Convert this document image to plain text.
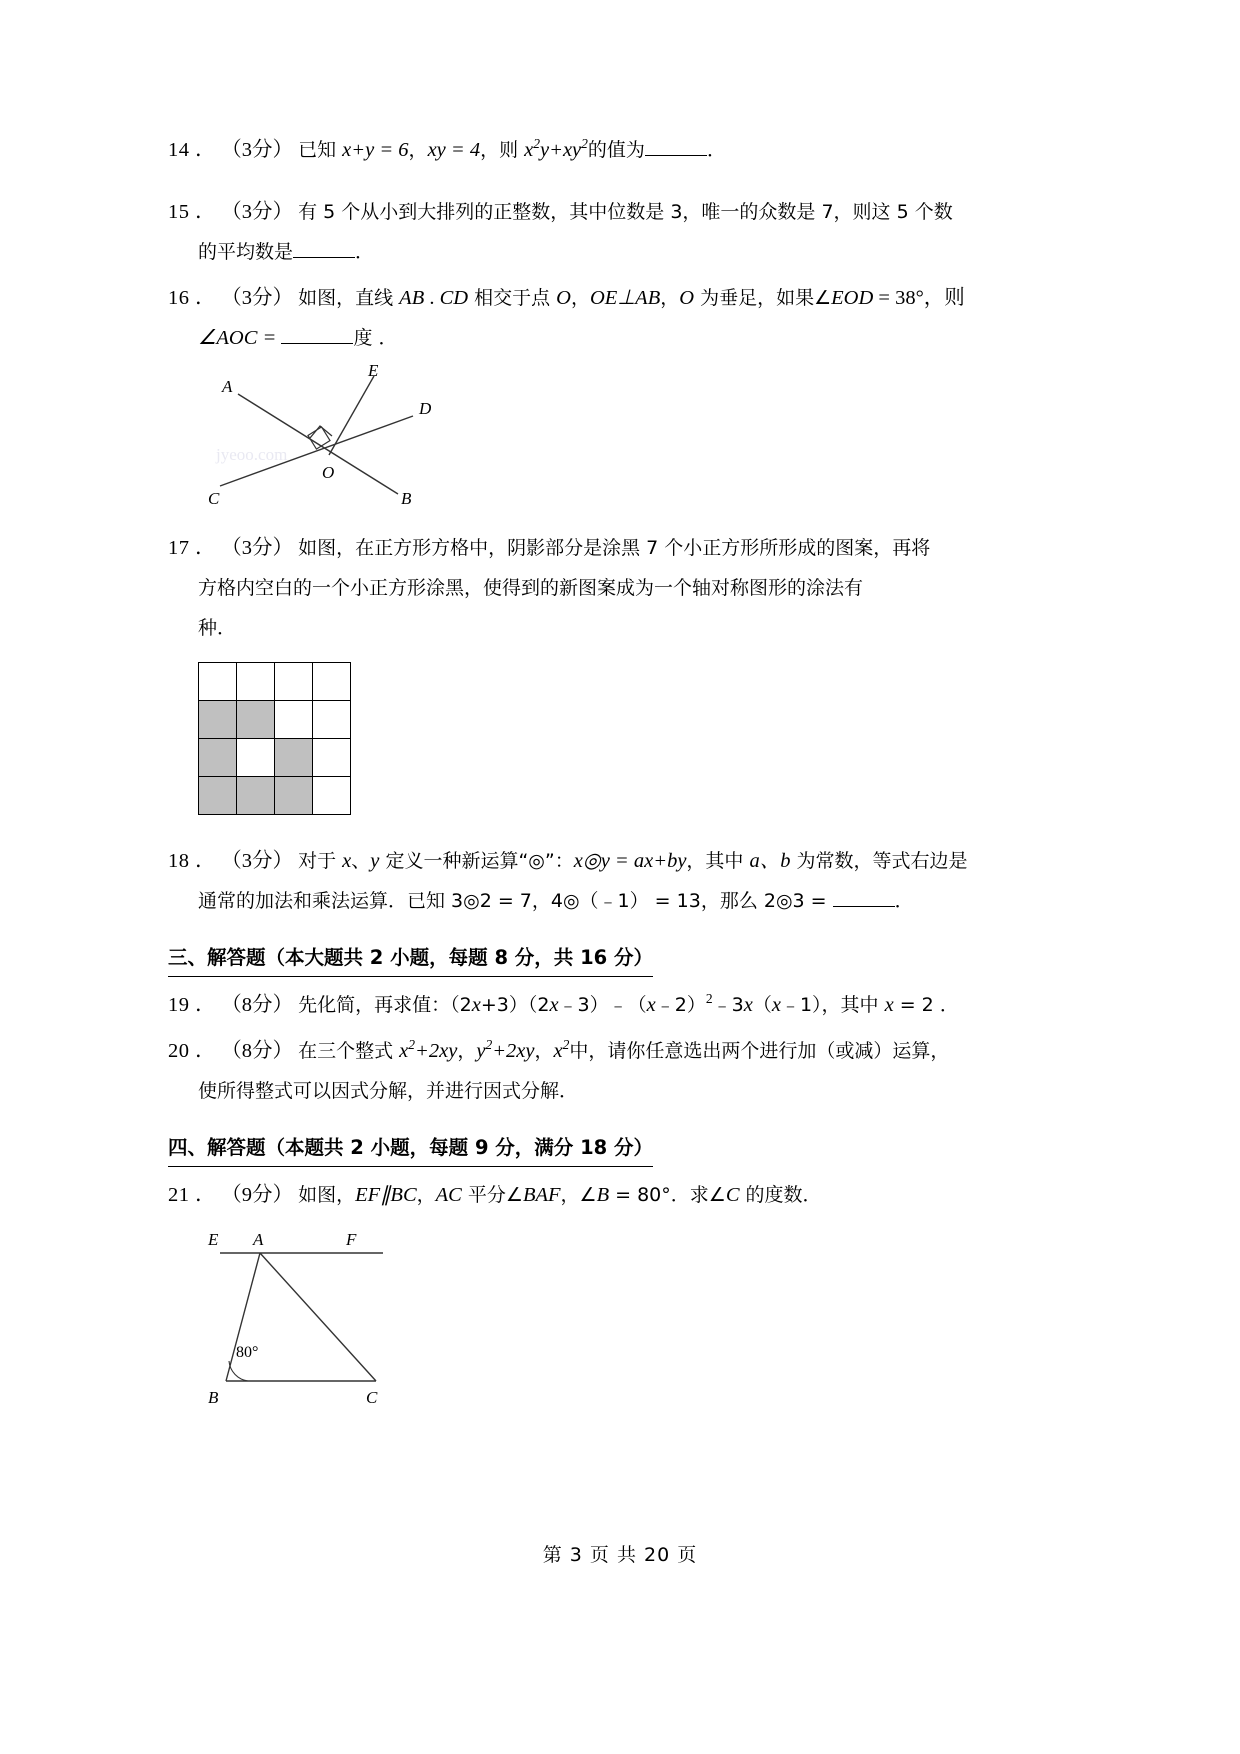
14 ． （3分） 已知 x+y = 6，xy = 4，则 $x^2y+xy^2$的值为	．
15 ． （3分） 有 5 个从小到大排列的正整数，其中位数是 3，唯一的众数是 7，则这 5 个数
的平均数是	．
16 ． （3分） 如图，直线 AB . CD 相交于点 O，OE⊥AB，O 为垂足，如果∠EOD = 38°，则
∠AOC =	度 ．
A
E
D
C
O
B
jyeoo.com
17 ． （3分） 如图，在正方形方格中，阴影部分是涂黑 7 个小正方形所形成的图案，再将
方格内空白的一个小正方形涂黑，使得到的新图案成为一个轴对称图形的涂法有
种．

18 ． （3分） 对于 x、y 定义一种新运算“◎”：x◎y = ax+by，其中 a、b 为常数，等式右边是
通常的加法和乘法运算．已知 3◎2 = 7，4◎（﹣1） = 13，那么 2◎3 =	．
三、解答题（本大题共 2 小题，每题 8 分，共 16 分）
19 ． （8分） 先化简，再求值：（2x+3）（2x﹣3）﹣（x﹣2）$^2$﹣3x（x﹣1），其中 x = 2 ．
20 ． （8分） 在三个整式 $x^2+2xy$，$y^2+2xy$，$x^2$中，请你任意选出两个进行加（或减）运算，
使所得整式可以因式分解，并进行因式分解．
四、解答题（本题共 2 小题，每题 9 分，满分 18 分）
21 ． （9分） 如图，EF∥BC，AC 平分∠BAF，∠B = 80°．求∠C 的度数．
E A	F
B	C
80°
第 3 页 共 20 页
